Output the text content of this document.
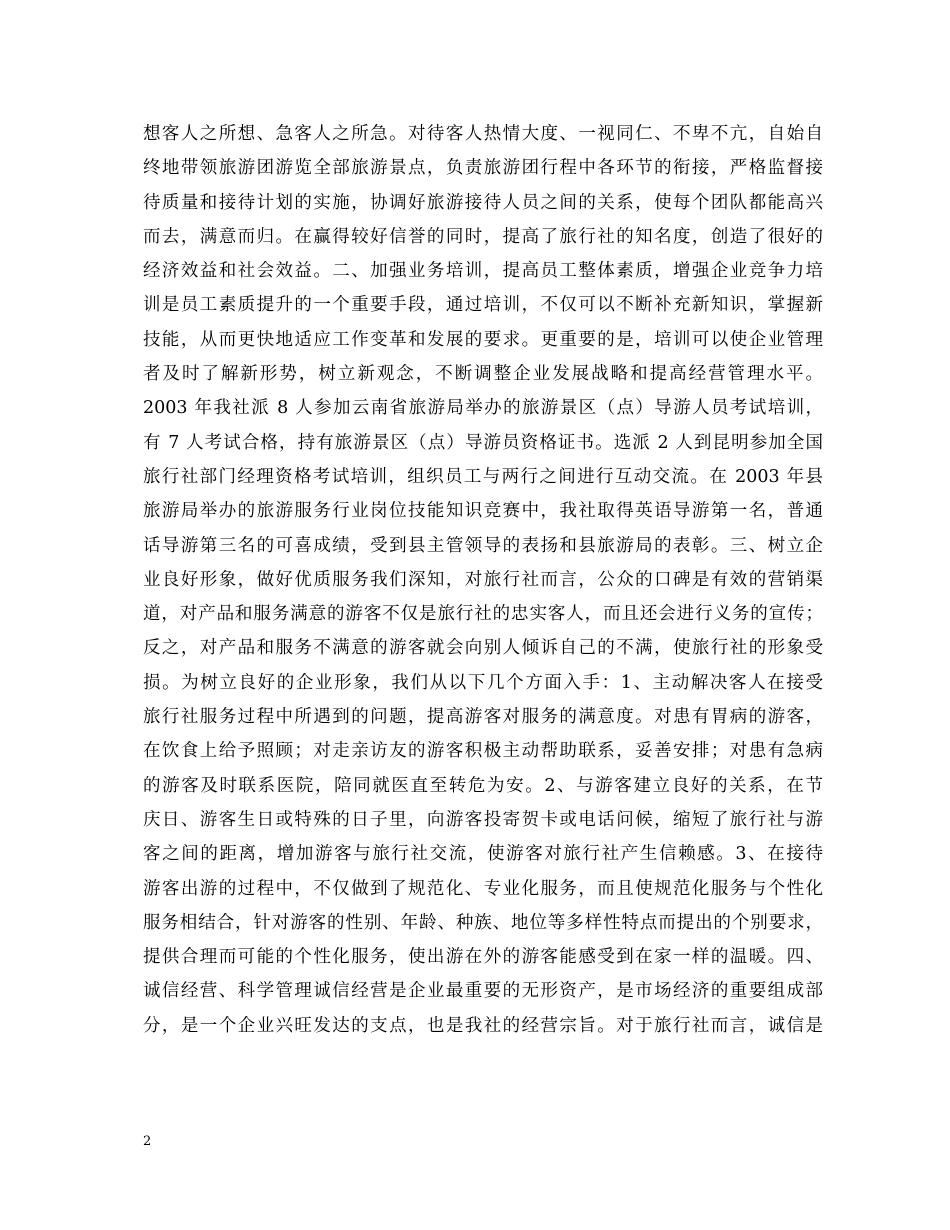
想客人之所想、急客人之所急。对待客人热情大度、一视同仁、不卑不亢，自始自
终地带领旅游团游览全部旅游景点，负责旅游团行程中各环节的衔接，严格监督接
待质量和接待计划的实施，协调好旅游接待人员之间的关系，使每个团队都能高兴
而去，满意而归。在赢得较好信誉的同时，提高了旅行社的知名度，创造了很好的
经济效益和社会效益。二、加强业务培训，提高员工整体素质，增强企业竞争力培
训是员工素质提升的一个重要手段，通过培训，不仅可以不断补充新知识，掌握新
技能，从而更快地适应工作变革和发展的要求。更重要的是，培训可以使企业管理
者及时了解新形势，树立新观念，不断调整企业发展战略和提高经营管理水平。
2003 年我社派 8 人参加云南省旅游局举办的旅游景区（点）导游人员考试培训，
有 7 人考试合格，持有旅游景区（点）导游员资格证书。选派 2 人到昆明参加全国
旅行社部门经理资格考试培训，组织员工与两行之间进行互动交流。在 2003 年县
旅游局举办的旅游服务行业岗位技能知识竞赛中，我社取得英语导游第一名，普通
话导游第三名的可喜成绩，受到县主管领导的表扬和县旅游局的表彰。三、树立企
业良好形象，做好优质服务我们深知，对旅行社而言，公众的口碑是有效的营销渠
道，对产品和服务满意的游客不仅是旅行社的忠实客人，而且还会进行义务的宣传；
反之，对产品和服务不满意的游客就会向别人倾诉自己的不满，使旅行社的形象受
损。为树立良好的企业形象，我们从以下几个方面入手：1、主动解决客人在接受
旅行社服务过程中所遇到的问题，提高游客对服务的满意度。对患有胃病的游客，
在饮食上给予照顾；对走亲访友的游客积极主动帮助联系，妥善安排；对患有急病
的游客及时联系医院，陪同就医直至转危为安。2、与游客建立良好的关系，在节
庆日、游客生日或特殊的日子里，向游客投寄贺卡或电话问候，缩短了旅行社与游
客之间的距离，增加游客与旅行社交流，使游客对旅行社产生信赖感。3、在接待
游客出游的过程中，不仅做到了规范化、专业化服务，而且使规范化服务与个性化
服务相结合，针对游客的性别、年龄、种族、地位等多样性特点而提出的个别要求，
提供合理而可能的个性化服务，使出游在外的游客能感受到在家一样的温暖。四、
诚信经营、科学管理诚信经营是企业最重要的无形资产，是市场经济的重要组成部
分，是一个企业兴旺发达的支点，也是我社的经营宗旨。对于旅行社而言，诚信是
2
